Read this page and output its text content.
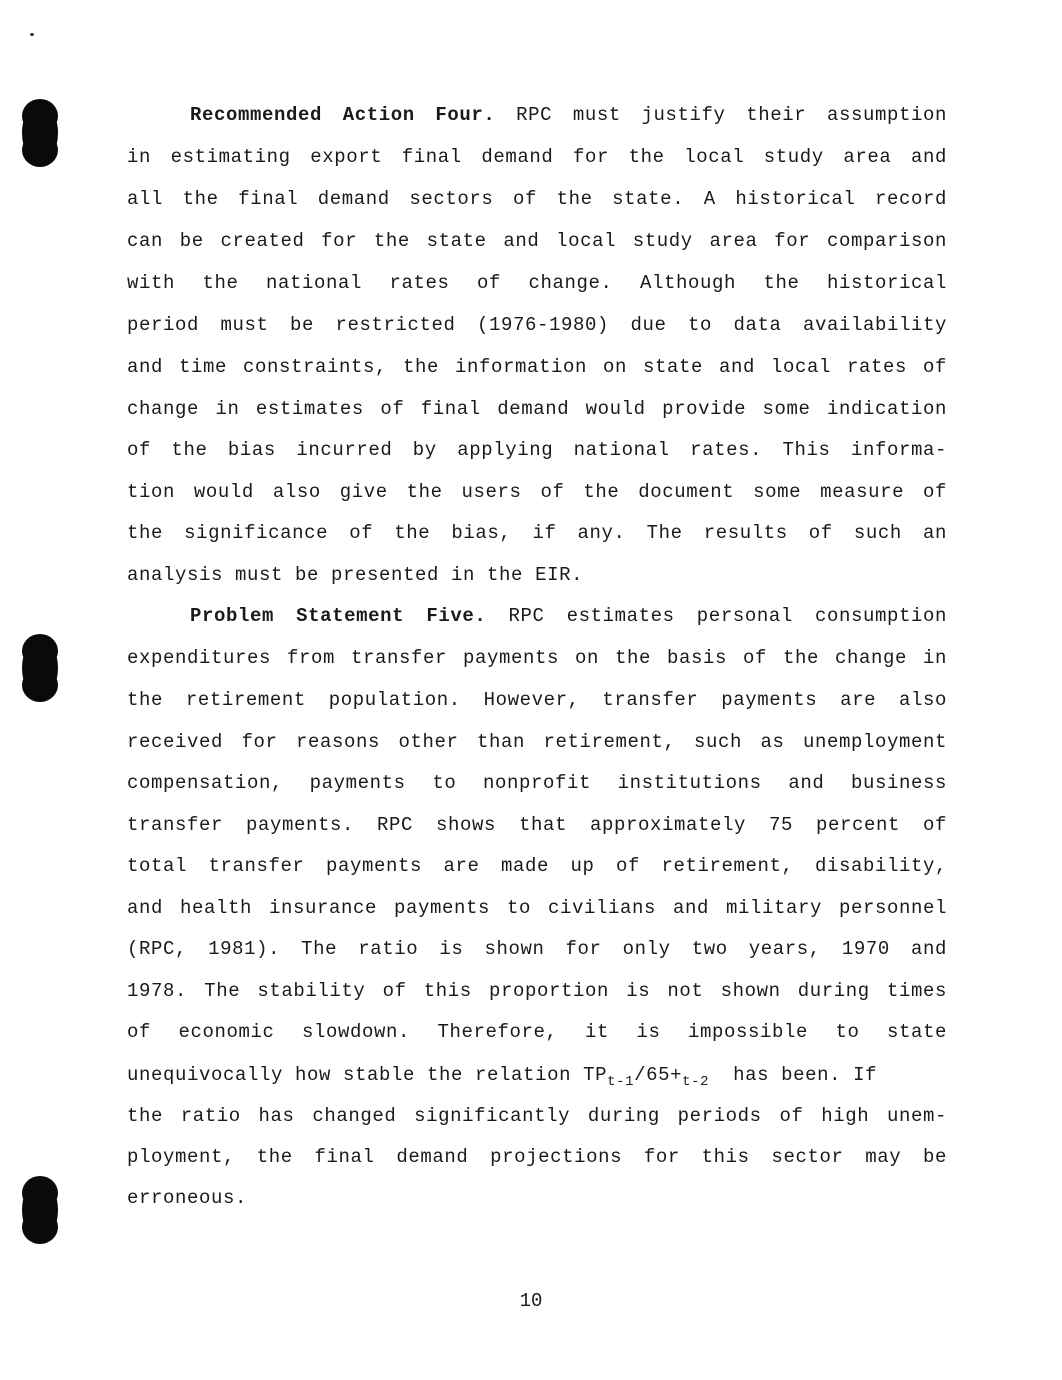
Recommended Action Four. RPC must justify their assumption
in estimating export final demand for the local study area and
all the final demand sectors of the state. A historical record
can be created for the state and local study area for comparison
with the national rates of change. Although the historical
period must be restricted (1976-1980) due to data availability
and time constraints, the information on state and local rates of
change in estimates of final demand would provide some indication
of the bias incurred by applying national rates. This informa-
tion would also give the users of the document some measure of
the significance of the bias, if any. The results of such an
analysis must be presented in the EIR.
Problem Statement Five. RPC estimates personal consumption
expenditures from transfer payments on the basis of the change in
the retirement population. However, transfer payments are also
received for reasons other than retirement, such as unemployment
compensation, payments to nonprofit institutions and business
transfer payments. RPC shows that approximately 75 percent of
total transfer payments are made up of retirement, disability,
and health insurance payments to civilians and military personnel
(RPC, 1981). The ratio is shown for only two years, 1970 and
1978. The stability of this proportion is not shown during times
of economic slowdown. Therefore, it is impossible to state
unequivocally how stable the relation $TP_{t-1}/65+_{t-2}$ has been. If
the ratio has changed significantly during periods of high unem-
ployment, the final demand projections for this sector may be
erroneous.
10
